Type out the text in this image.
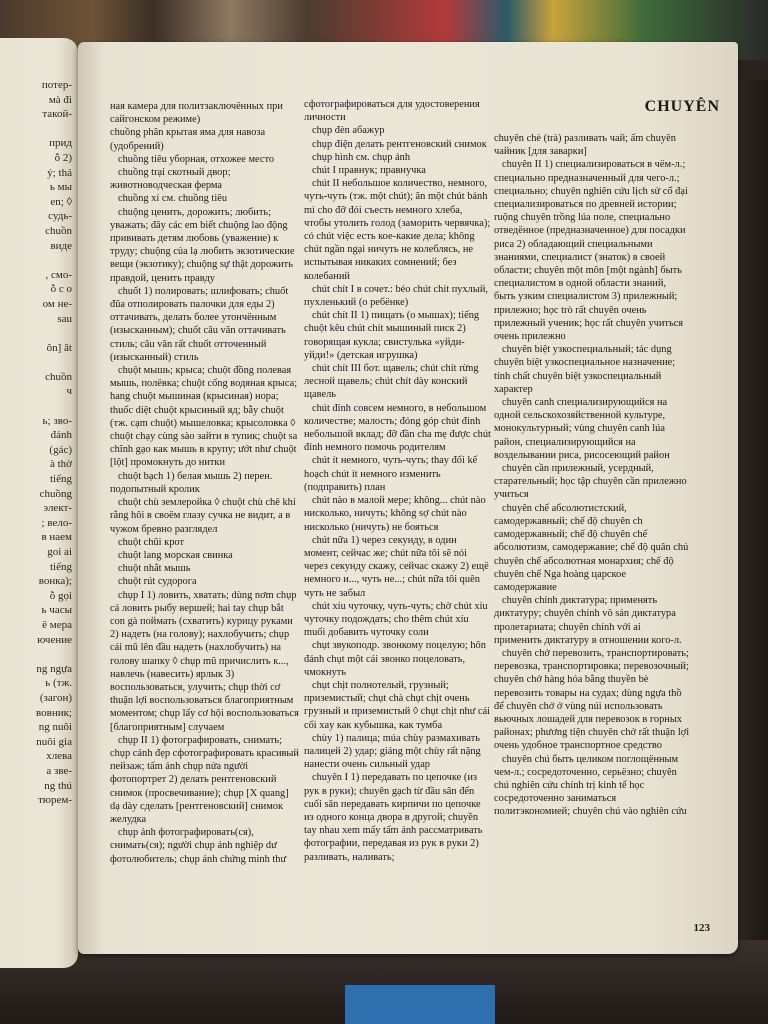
потер-
мà đi
такой-

прид
ỗ 2)
ý; thả
ь мы
en; ◊
судь-
chuồn
виде

, смо-
ỗ c o
ом не-
sau

ôn] ât

chuồn
ч

ь; зво-
đánh
(gác)
à thờ
tiếng
chuồng
элект-
; вело-
в наем
goi ai
tiếng
вонка);
ỗ gọi
ь часы
ё мера
ючение

ng ngựa
ь (тж.
(загон)
вовник;
ng nuôi
nuôi gia
хлева
а зве-
ng thú
тюрем-
CHUYÊN

ная камера для политзаключённых при сайгонском режиме)

chuồng phân крытая яма для навоза (удобрений)

chuồng tiêu уборная, отхожее место

chuồng trại скотный двор; животноводческая ферма

chuồng xí см. chuồng tiêu

chuộng ценить, дорожить; любить; уважать; đây các em biết chuộng lao động прививать детям любовь (уважение) к труду; chuộng của lạ любить экзотические вещи (экзотику); chuộng sự thật дорожить правдой, ценить правду

chuốt 1) полировать; шлифовать; chuốt đũa отполировать палочки для еды 2) оттачивать, делать более утончённым (изысканным); chuốt câu văn оттачивать стиль; câu văn rất chuốt отточенный (изысканный) стиль

chuột мышь; крыса; chuột đồng полевая мышь, полёвка; chuột cống водяная крыса; hang chuột мышиная (крысиная) нора; thuốc diệt chuột крысиный яд; bẫy chuột (тж. cạm chuột) мышеловка; крысоловка ◊ chuột chạy cùng sào зайти в тупик; chuột sa chĩnh gạo как мышь в крупу; ướt như chuột [lột] промокнуть до нитки

chuột bạch 1) белая мышь 2) перен. подопытный кролик

chuột chù землеройка ◊ chuột chù chê khỉ rằng hôi в своём глазу сучка не видит, а в чужом бревно разглядел

chuột chũi крот

chuột lang морская свинка

chuột nhắt мышь

chuột rút судорога

chụp I 1) ловить, хватать; dùng nơm chụp cá ловить рыбу вершей; hai tay chụp bắt con gà поймать (схватить) курицу руками 2) надеть (на голову); нахлобучить; chụp cái mũ lên đầu надеть (нахлобучить) на голову шапку ◊ chụp mũ причислить к..., навлечь (навесить) ярлык 3) воспользоваться, улучить; chụp thời cơ thuận lợi воспользоваться благоприятным моментом; chụp lấy cơ hội воспользоваться [благоприятным] случаем

chụp II 1) фотографировать, снимать; chụp cảnh đẹp сфотографировать красивый пейзаж; tấm ảnh chụp nửa người фотопортрет 2) делать рентгеновский снимок (просвечивание); chụp [X quang] dạ dày сделать [рентгеновский] снимок желудка

chụp ảnh фотографировать(ся), снимать(ся); người chụp ảnh nghiệp dư фотолюбитель; chụp ảnh chứng minh thư

сфотографироваться для удостоверения личности

chụp đèn абажур

chụp điện делать рентгеновский снимок

chụp hình см. chụp ảnh

chút I правнук; правнучка

chút II небольшое количество, немного, чуть-чуть (тж. một chút); ăn một chút bánh mì cho đỡ đói съесть немного хлеба, чтобы утолить голод (заморить червячка); có chút việc есть кое-какие дела; không chút ngần ngại ничуть не колеблясь, не испытывая никаких сомнений; без колебаний

chút chít I в сочет.: béo chút chít пухлый, пухленький (о ребёнке)

chút chít II 1) пищать (о мышах); tiếng chuột kêu chút chít мышиный писк 2) говорящая кукла; свистулька «уйди-уйди!» (детская игрушка)

chút chít III бот. щавель; chút chít rừng лесной щавель; chút chít dày конский щавель

chút đỉnh совсем немного, в небольшом количестве; малость; đóng góp chút đỉnh небольшой вклад; đỡ đần cha mẹ được chút đỉnh немного помочь родителям

chút ít немного, чуть-чуть; thay đổi kế hoạch chút ít немного изменить (подправить) план

chút nào в малой мере; không... chút nào нисколько, ничуть; không sợ chút nào нисколько (ничуть) не бояться

chút nữa 1) через секунду, в один момент, сейчас же; chút nữa tôi sẽ nói через секунду скажу, сейчас скажу 2) ещё немного и..., чуть не...; chút nữa tôi quên чуть не забыл

chút xíu чуточку, чуть-чуть; chờ chút xíu чуточку подождать; cho thêm chút xíu muối добавить чуточку соли

chụt звукоподр. звонкому поцелую; hôn đánh chụt một cái звонко поцеловать, чмокнуть

chụt chịt полнотелый, грузный; приземистый; chụt chà chụt chịt очень грузный и приземистый ◊ chụt chịt như cái cối xay как кубышка, как тумба

chùy 1) палица; múa chùy размахивать палицей 2) удар; giáng một chùy rất nặng нанести очень сильный удар

chuyên I 1) передавать по цепочке (из рук в руки); chuyên gạch từ đầu sân đến cuối sân передавать кирпичи по цепочке из одного конца двора в другой; chuyền tay nhau xem mấy tấm ảnh рассматривать фотографии, передавая из рук в руки 2) разливать, наливать;

chuyên chè (trà) разливать чай; ấm chuyên чайник [для заварки]

chuyên II 1) специализироваться в чём-л.; специально предназначенный для чего-л.; специально; chuyên nghiên cứu lịch sử cổ đại специализироваться по древней истории; ruộng chuyên trồng lúa поле, специально отведённое (предназначенное) для посадки риса 2) обладающий специальными знаниями, специалист (знаток) в своей области; chuyên một môn [một ngành] быть специалистом в одной области знаний, быть узким специалистом 3) прилежный; прилежно; học trò rất chuyên очень прилежный ученик; học rất chuyên учиться очень прилежно

chuyên biệt узкоспециальный; tác dụng chuyên biệt узкоспециальное назначение; tính chất chuyên biệt узкоспециальный характер

chuyên canh специализирующийся на одной сельскохозяйственной культуре, монокультурный; vùng chuyên canh lúa район, специализирующийся на возделывании риса, рисосеющий район

chuyên cần прилежный, усердный, старательный; học tập chuyên cần прилежно учиться

chuyên chế абсолютистский, самодержавный; chế độ chuyên ch самодержавный; chế độ chuyên chế абсолютизм, самодержавие; chế độ quân chủ chuyên chế абсолютная монархия; chế độ chuyên chế Nga hoàng царское самодержавие

chuyên chính диктатура; применять диктатуру; chuyên chính vô sản диктатура пролетариата; chuyên chính với ai применить диктатуру в отношении кого-л.

chuyên chở перевозить, транспортировать; перевозка, транспортировка; перевозочный; chuyên chở hàng hóa bằng thuyền bè перевозить товары на судах; dùng ngựa thồ để chuyên chở ở vùng núi использовать вьючных лошадей для перевозок в горных районах; phương tiện chuyên chở rất thuận lợi очень удобное транспортное средство

chuyên chú быть целиком поглощённым чем-л.; сосредоточенно, серьёзно; chuyên chú nghiên cứu chính trị kinh tế học сосредоточенно заниматься политэкономией; chuyên chú vào nghiên cứu

123
